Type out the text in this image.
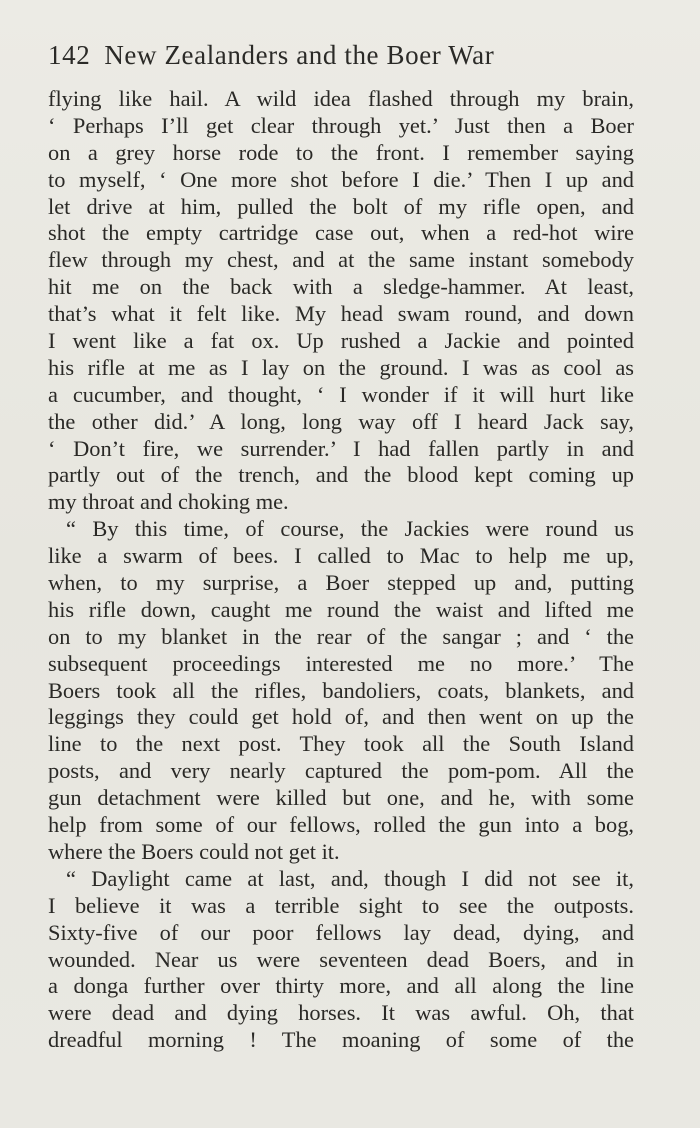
142 New Zealanders and the Boer War
flying like hail. A wild idea flashed through my brain,
‘ Perhaps I’ll get clear through yet.’ Just then a Boer
on a grey horse rode to the front. I remember saying
to myself, ‘ One more shot before I die.’ Then I up and
let drive at him, pulled the bolt of my rifle open, and
shot the empty cartridge case out, when a red-hot wire
flew through my chest, and at the same instant somebody
hit me on the back with a sledge-hammer. At least,
that’s what it felt like. My head swam round, and down
I went like a fat ox. Up rushed a Jackie and pointed
his rifle at me as I lay on the ground. I was as cool as
a cucumber, and thought, ‘ I wonder if it will hurt like
the other did.’ A long, long way off I heard Jack say,
‘ Don’t fire, we surrender.’ I had fallen partly in and
partly out of the trench, and the blood kept coming up
my throat and choking me.
“ By this time, of course, the Jackies were round us
like a swarm of bees. I called to Mac to help me up,
when, to my surprise, a Boer stepped up and, putting
his rifle down, caught me round the waist and lifted me
on to my blanket in the rear of the sangar ; and ‘ the
subsequent proceedings interested me no more.’ The
Boers took all the rifles, bandoliers, coats, blankets, and
leggings they could get hold of, and then went on up the
line to the next post. They took all the South Island
posts, and very nearly captured the pom-pom. All the
gun detachment were killed but one, and he, with some
help from some of our fellows, rolled the gun into a bog,
where the Boers could not get it.
“ Daylight came at last, and, though I did not see it,
I believe it was a terrible sight to see the outposts.
Sixty-five of our poor fellows lay dead, dying, and
wounded. Near us were seventeen dead Boers, and in
a donga further over thirty more, and all along the line
were dead and dying horses. It was awful. Oh, that
dreadful morning ! The moaning of some of the
